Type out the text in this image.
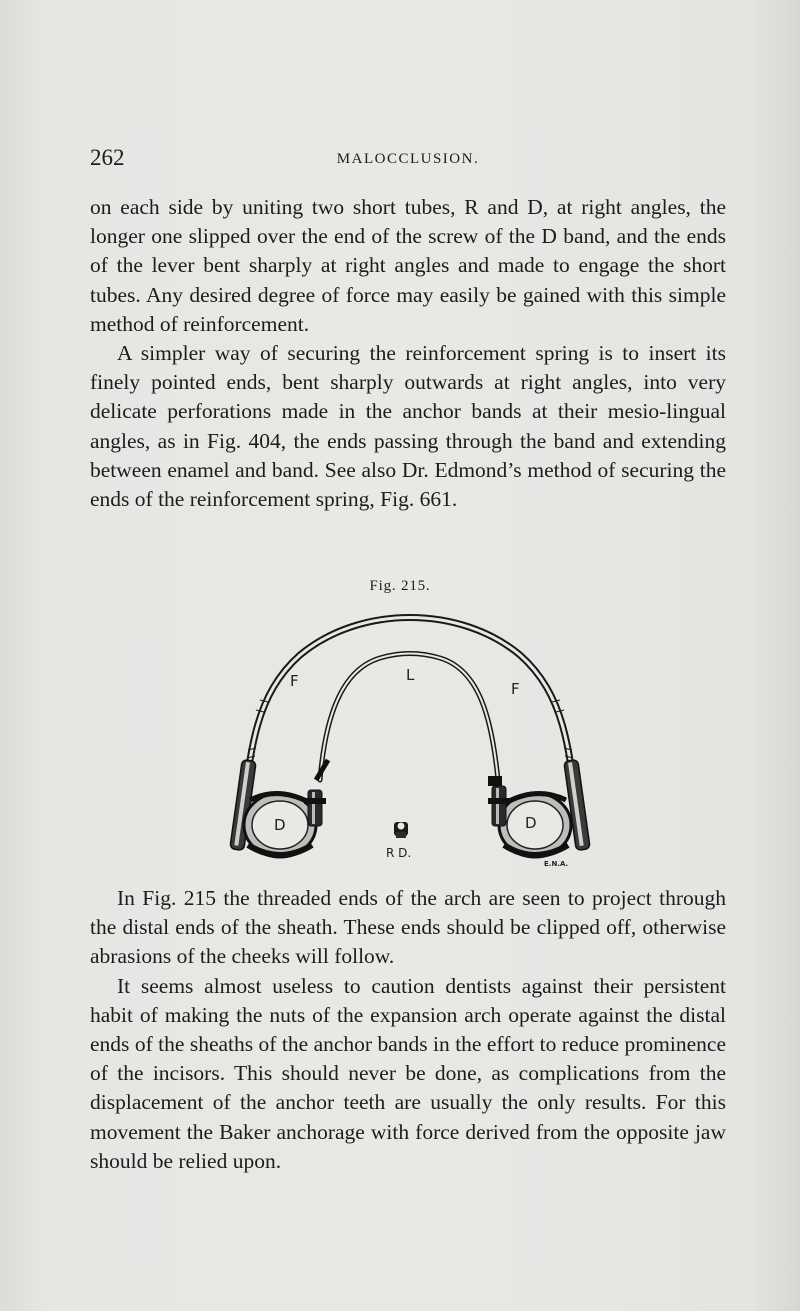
262	MALOCCLUSION.

on each side by uniting two short tubes, R and D, at right angles, the longer one slipped over the end of the screw of the D band, and the ends of the lever bent sharply at right angles and made to engage the short tubes. Any desired degree of force may easily be gained with this simple method of reinforcement.

A simpler way of securing the reinforcement spring is to insert its finely pointed ends, bent sharply outwards at right angles, into very delicate perforations made in the anchor bands at their mesio-lingual angles, as in Fig. 404, the ends passing through the band and extending between enamel and band. See also Dr. Edmond’s method of securing the ends of the reinforcement spring, Fig. 661.

Fig. 215.
F	L
F
D	D
R D.
E.N.A.

In Fig. 215 the threaded ends of the arch are seen to project through the distal ends of the sheath. These ends should be clipped off, otherwise abrasions of the cheeks will follow.

It seems almost useless to caution dentists against their persistent habit of making the nuts of the expansion arch operate against the distal ends of the sheaths of the anchor bands in the effort to reduce prominence of the incisors. This should never be done, as complications from the displacement of the anchor teeth are usually the only results. For this movement the Baker anchorage with force derived from the opposite jaw should be relied upon.
